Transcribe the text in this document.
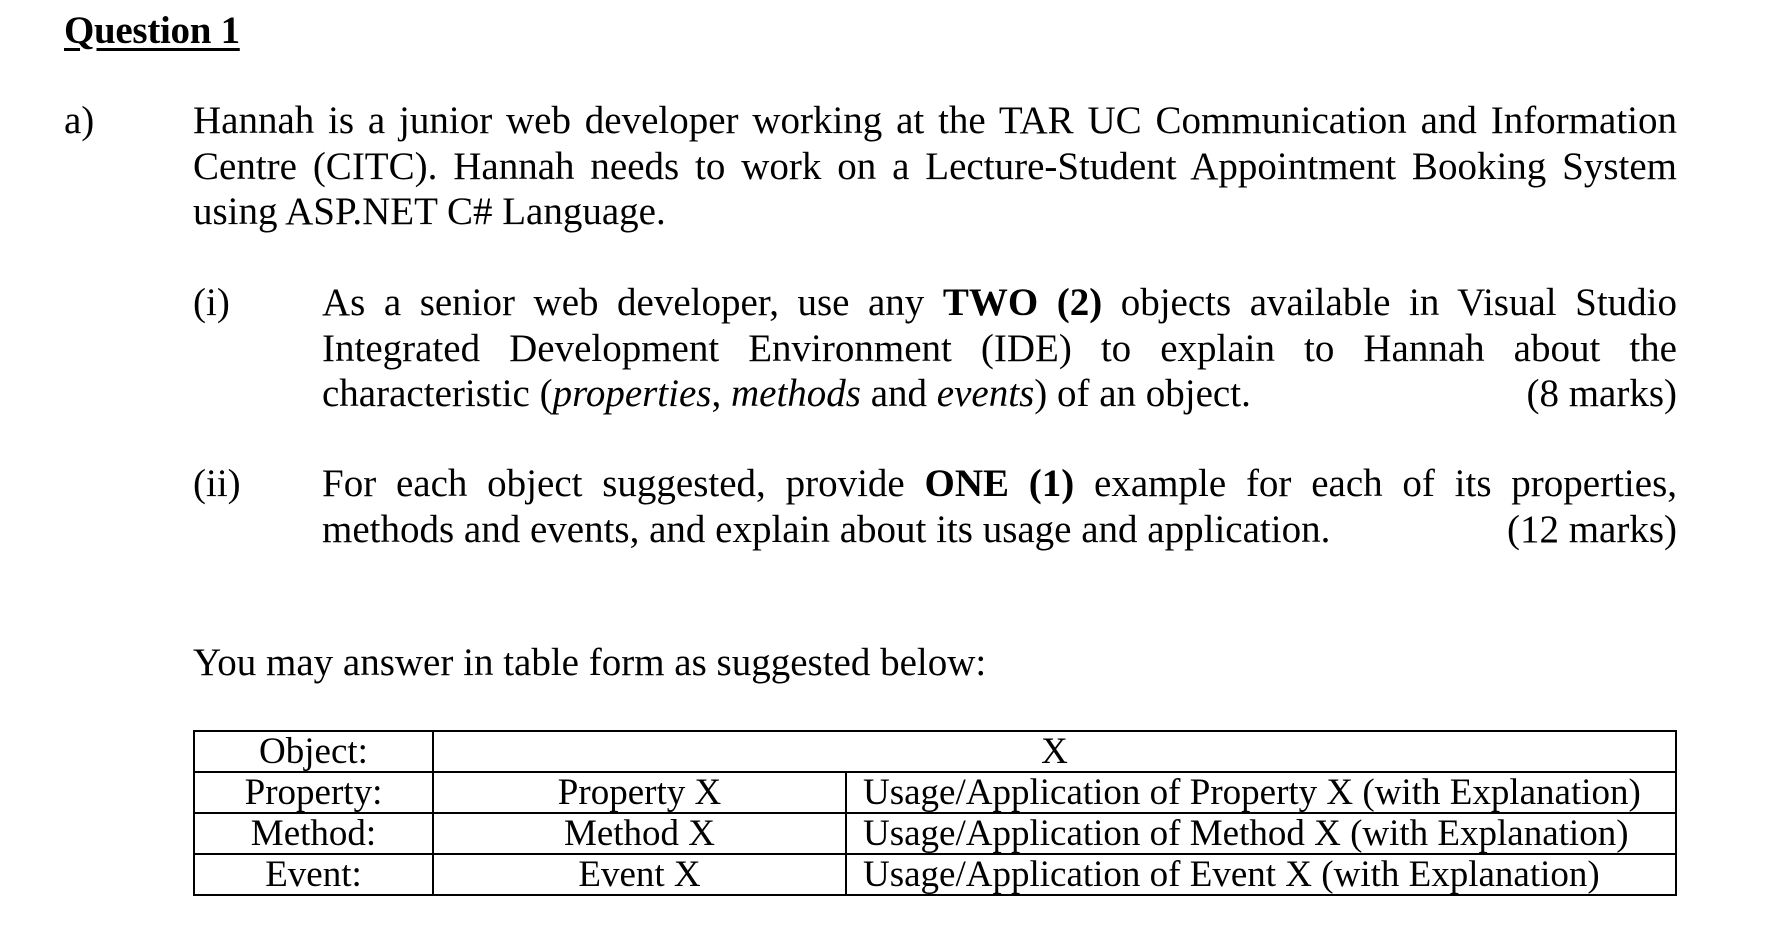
Question 1
a)	Hannah is a junior web developer working at the TAR UC Communication and Information Centre (CITC). Hannah needs to work on a Lecture-Student Appointment Booking System using ASP.NET C# Language.
(i) As a senior web developer, use any TWO (2) objects available in Visual Studio Integrated Development Environment (IDE) to explain to Hannah about the characteristic (properties, methods and events) of an object.	(8 marks)
(ii) For each object suggested, provide ONE (1) example for each of its properties, methods and events, and explain about its usage and application.	(12 marks)
You may answer in table form as suggested below:
Object:	X	
Property:	Property X	Usage/Application of Property X (with Explanation)
Method:	Method X	Usage/Application of Method X (with Explanation)
Event:	Event X	Usage/Application of Event X (with Explanation)
